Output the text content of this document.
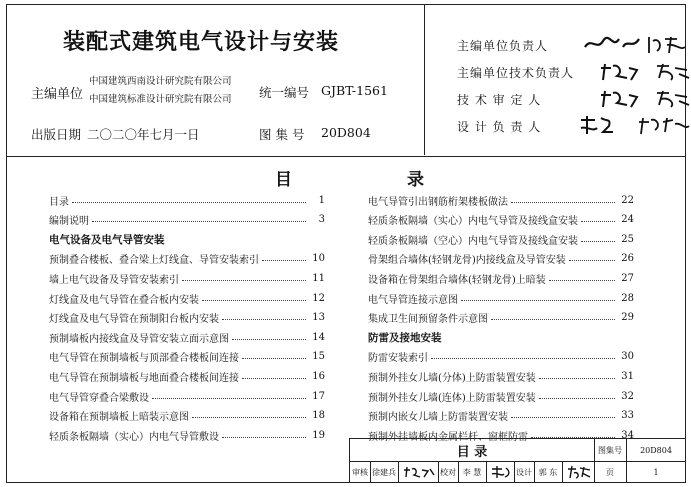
装配式建筑电气设计与安装
主编单位
中国建筑西南设计研究院有限公司
中国建筑标准设计研究院有限公司 统一编号 GJBT-1561
出版日期 二〇二〇年七月一日	图 集 号 20D804
主编单位负责人
主编单位技术负责人
技 术 审 定 人
设 计 负 责 人
目	录
目录	1
编制说明	3
电气设备及电气导管安装
预制叠合楼板、叠合梁上灯线盒、导管安装索引	10
墙上电气设备及导管安装索引	11
灯线盒及电气导管在叠合板内安装	12
灯线盒及电气导管在预制阳台板内安装	13
预制墙板内接线盒及导管安装立面示意图	14
电气导管在预制墙板与顶部叠合楼板间连接	15
电气导管在预制墙板与地面叠合楼板间连接	16
电气导管穿叠合梁敷设	17
设备箱在预制墙板上暗装示意图	18
轻质条板隔墙（实心）内电气导管敷设	19
电气导管引出钢筋桁架楼板做法	22
轻质条板隔墙（实心）内电气导管及接线盒安装	24
轻质条板隔墙（空心）内电气导管及接线盒安装	25
骨架组合墙体(轻钢龙骨)内接线盒及导管安装	26
设备箱在骨架组合墙体(轻钢龙骨)上暗装	27
电气导管连接示意图	28
集成卫生间预留条件示意图	29
防雷及接地安装
防雷安装索引	30
预制外挂女儿墙(分体)上防雷装置安装	31
预制外挂女儿墙(连体)上防雷装置安装	32
预制内嵌女儿墙上防雷装置安装	33
预制外挂墙板内金属栏杆、窗框防雷	34
目 录	图集号	20D804
审核 徐建兵	校对 李 慧	设计 郭 东	页	1
